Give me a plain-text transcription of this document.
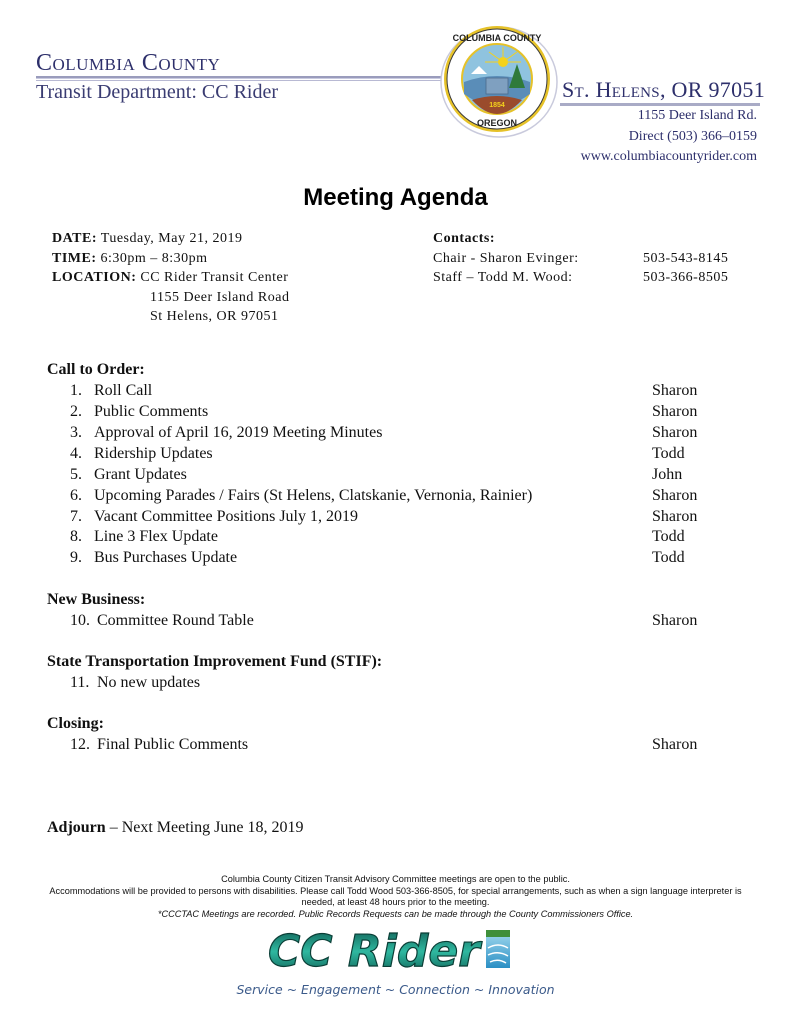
Columbia County
Transit Department: CC Rider
1854
COLUMBIA COUNTY
OREGON
St. Helens, OR 97051
1155 Deer Island Rd.
Direct (503) 366–0159
www.columbiacountyrider.com
Meeting Agenda
DATE: Tuesday, May 21, 2019
TIME: 6:30pm – 8:30pm
LOCATION: CC Rider Transit Center
1155 Deer Island Road
St Helens, OR 97051
Contacts:
Chair - Sharon Evinger:	503-543-8145
Staff – Todd M. Wood:	503-366-8505
Call to Order:
1. Roll Call	Sharon
2. Public Comments	Sharon
3. Approval of April 16, 2019 Meeting Minutes	Sharon
4. Ridership Updates	Todd
5. Grant Updates	John
6. Upcoming Parades / Fairs (St Helens, Clatskanie, Vernonia, Rainier)	Sharon
7. Vacant Committee Positions July 1, 2019	Sharon
8. Line 3 Flex Update	Todd
9. Bus Purchases Update	Todd
New Business:
10. Committee Round Table	Sharon
State Transportation Improvement Fund (STIF):
11. No new updates
Closing:
12. Final Public Comments	Sharon
Adjourn – Next Meeting June 18, 2019
Columbia County Citizen Transit Advisory Committee meetings are open to the public.
Accommodations will be provided to persons with disabilities. Please call Todd Wood 503-366-8505, for special arrangements, such as when a sign language interpreter is needed, at least 48 hours prior to the meeting.
*CCCTAC Meetings are recorded. Public Records Requests can be made through the County Commissioners Office.
CC Rider
Service ~ Engagement ~ Connection ~ Innovation
